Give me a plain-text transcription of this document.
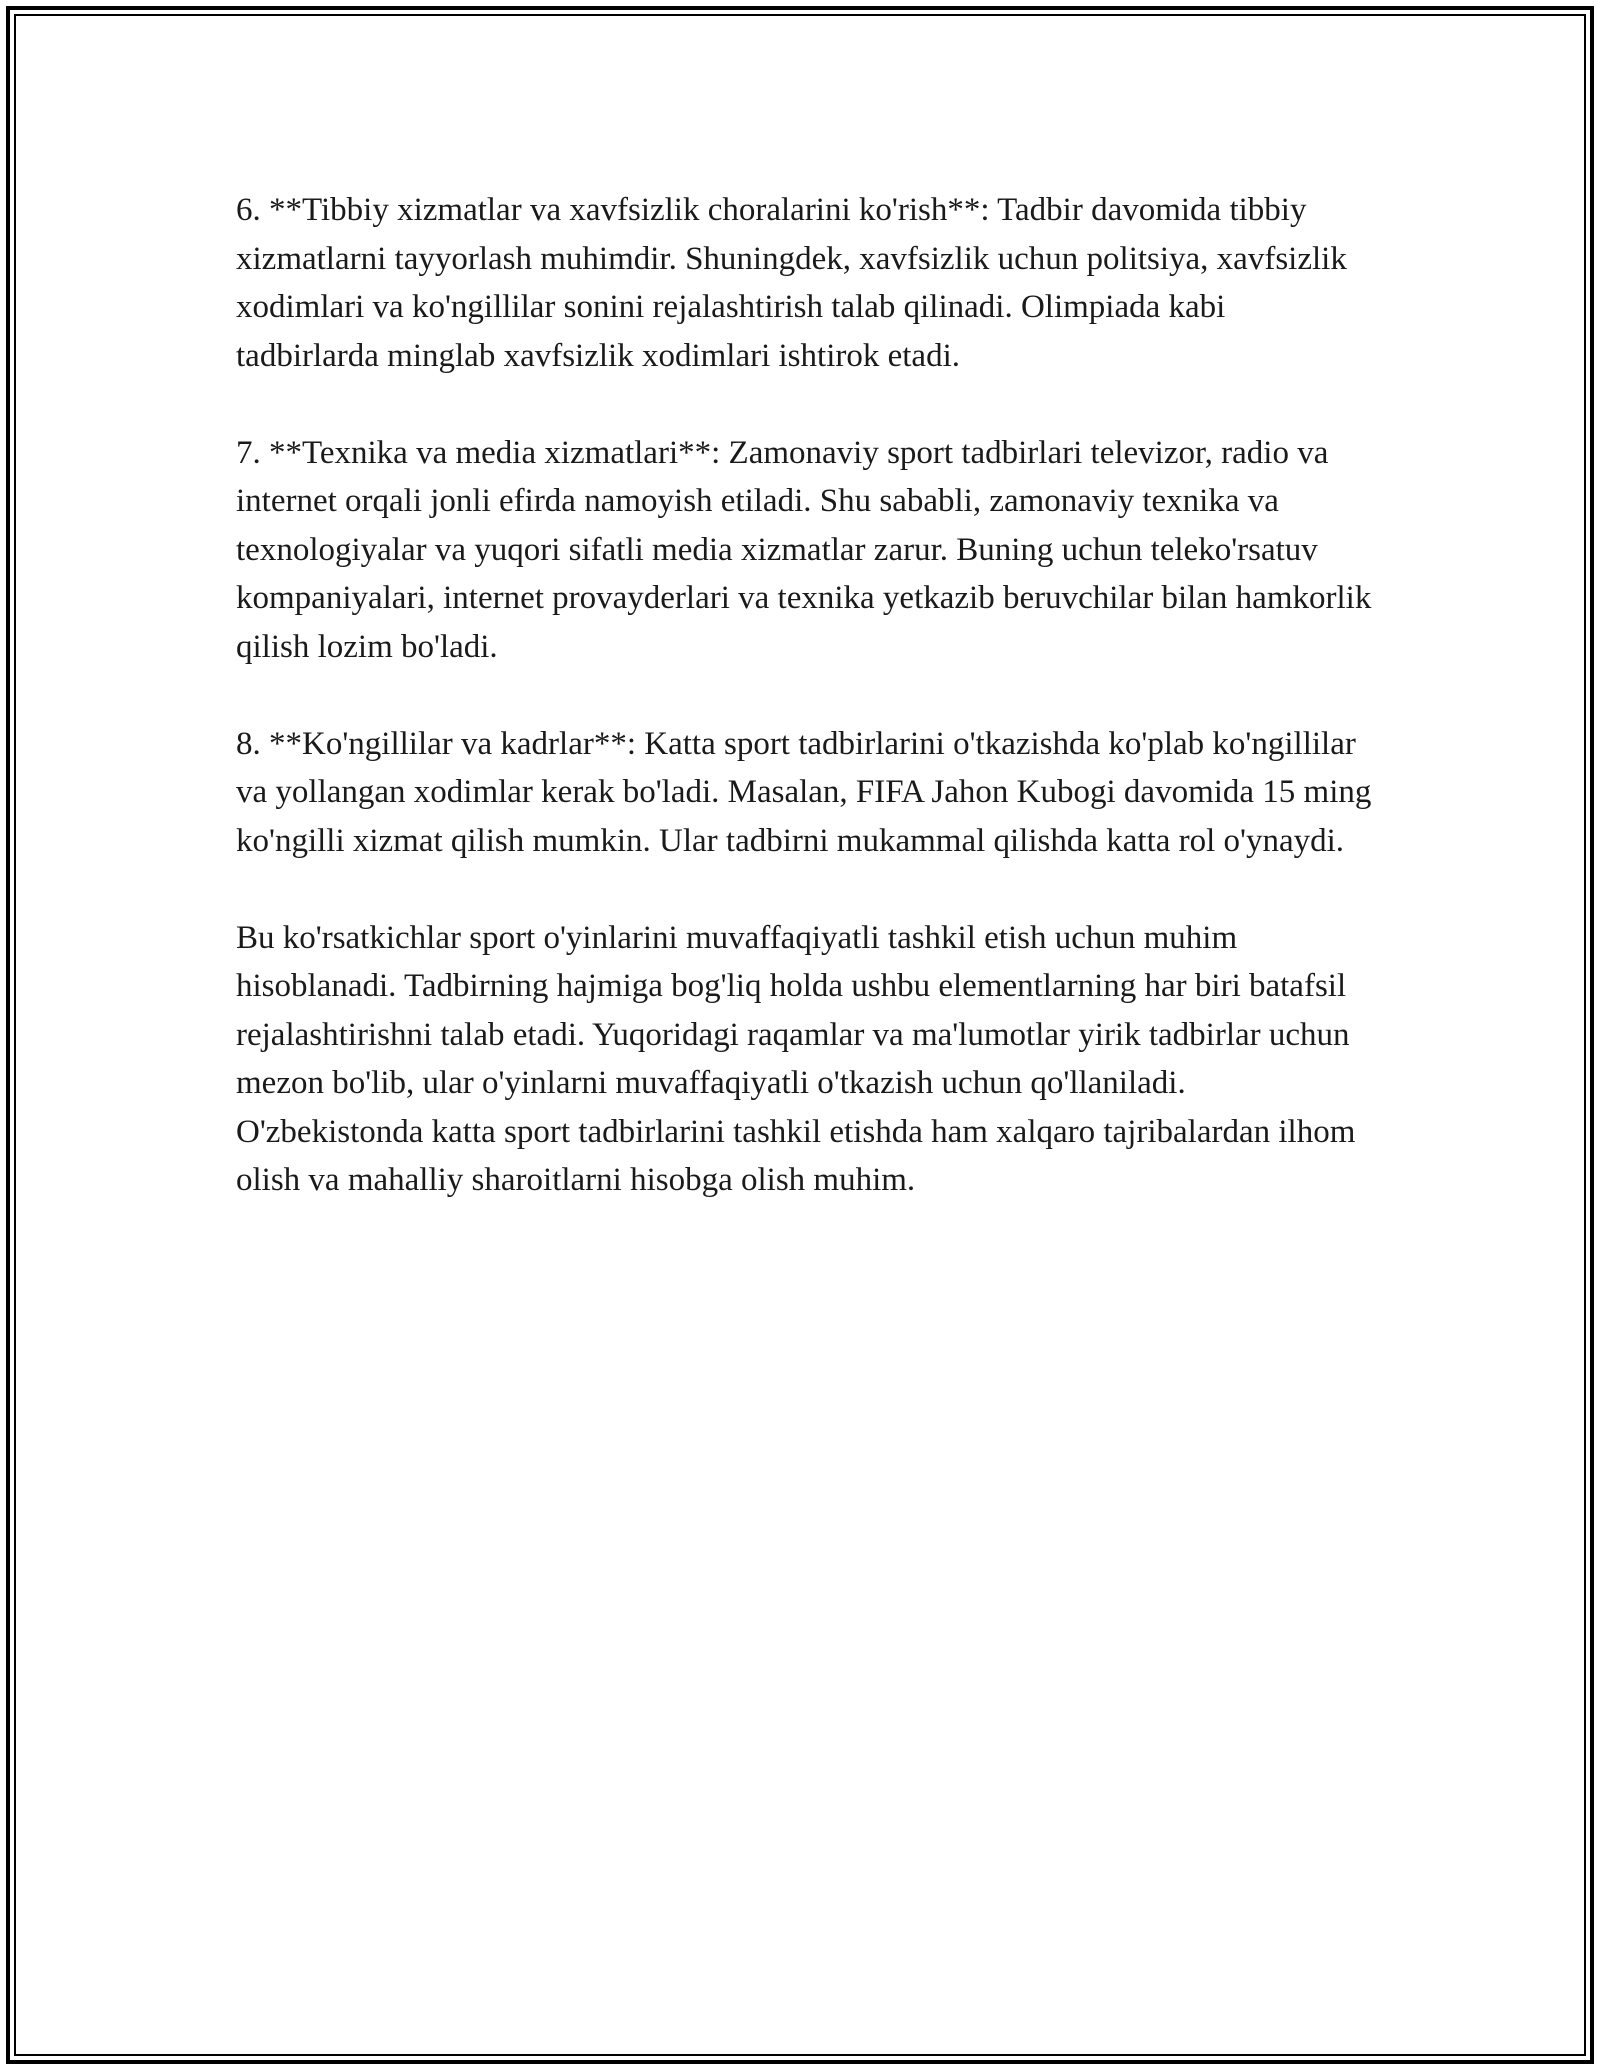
6. **Tibbiy xizmatlar va xavfsizlik choralarini ko'rish**: Tadbir davomida tibbiy xizmatlarni tayyorlash muhimdir. Shuningdek, xavfsizlik uchun politsiya, xavfsizlik xodimlari va ko'ngillilar sonini rejalashtirish talab qilinadi. Olimpiada kabi tadbirlarda minglab xavfsizlik xodimlari ishtirok etadi.

7. **Texnika va media xizmatlari**: Zamonaviy sport tadbirlari televizor, radio va internet orqali jonli efirda namoyish etiladi. Shu sababli, zamonaviy texnika va texnologiyalar va yuqori sifatli media xizmatlar zarur. Buning uchun teleko'rsatuv kompaniyalari, internet provayderlari va texnika yetkazib beruvchilar bilan hamkorlik qilish lozim bo'ladi.

8. **Ko'ngillilar va kadrlar**: Katta sport tadbirlarini o'tkazishda ko'plab ko'ngillilar va yollangan xodimlar kerak bo'ladi. Masalan, FIFA Jahon Kubogi davomida 15 ming ko'ngilli xizmat qilish mumkin. Ular tadbirni mukammal qilishda katta rol o'ynaydi.

Bu ko'rsatkichlar sport o'yinlarini muvaffaqiyatli tashkil etish uchun muhim hisoblanadi. Tadbirning hajmiga bog'liq holda ushbu elementlarning har biri batafsil rejalashtirishni talab etadi. Yuqoridagi raqamlar va ma'lumotlar yirik tadbirlar uchun mezon bo'lib, ular o'yinlarni muvaffaqiyatli o'tkazish uchun qo'llaniladi. O'zbekistonda katta sport tadbirlarini tashkil etishda ham xalqaro tajribalardan ilhom olish va mahalliy sharoitlarni hisobga olish muhim.
